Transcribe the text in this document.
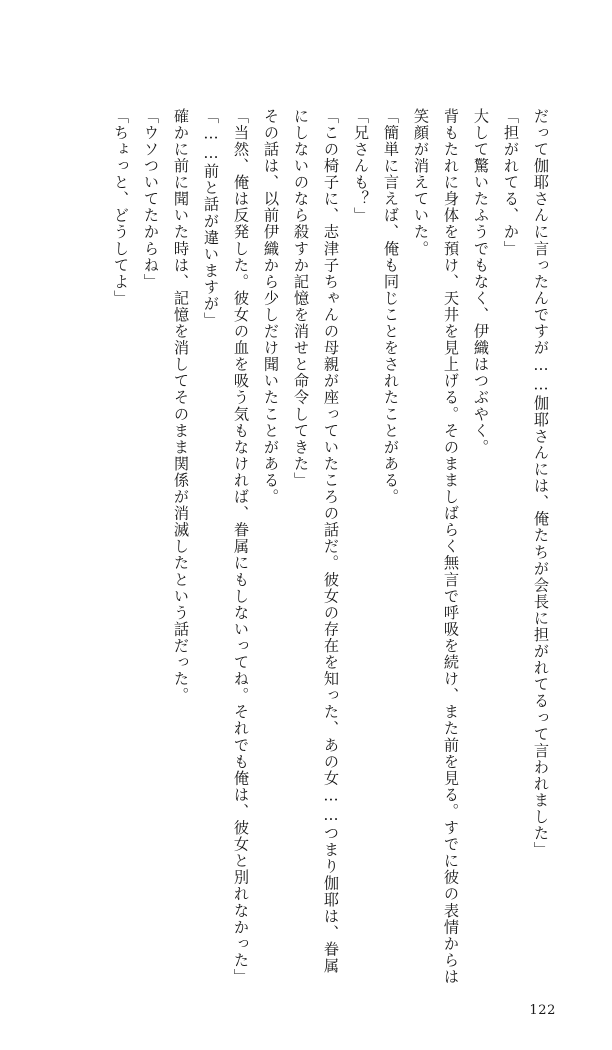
だって伽耶さんに言ったんですが……伽耶さんには、俺たちが会長に担がれてるって言われました」

「担がれてる、か」

大して驚いたふうでもなく、伊織はつぶやく。

背もたれに身体を預け、天井を見上げる。そのまましばらく無言で呼吸を続け、また前を見る。すでに彼の表情からは笑顔が消えていた。

「簡単に言えば、俺も同じことをされたことがある。

「兄さんも？」

「この椅子に、志津子ちゃんの母親が座っていたころの話だ。彼女の存在を知った、あの女……つまり伽耶は、眷属にしないのなら殺すか記憶を消せと命令してきた」

その話は、以前伊織から少しだけ聞いたことがある。

「当然、俺は反発した。彼女の血を吸う気もなければ、眷属にもしないってね。それでも俺は、彼女と別れなかった」

「……前と話が違いますが」

確かに前に聞いた時は、記憶を消してそのまま関係が消滅したという話だった。

「ウソついてたからね」

「ちょっと、どうしてよ」

122
